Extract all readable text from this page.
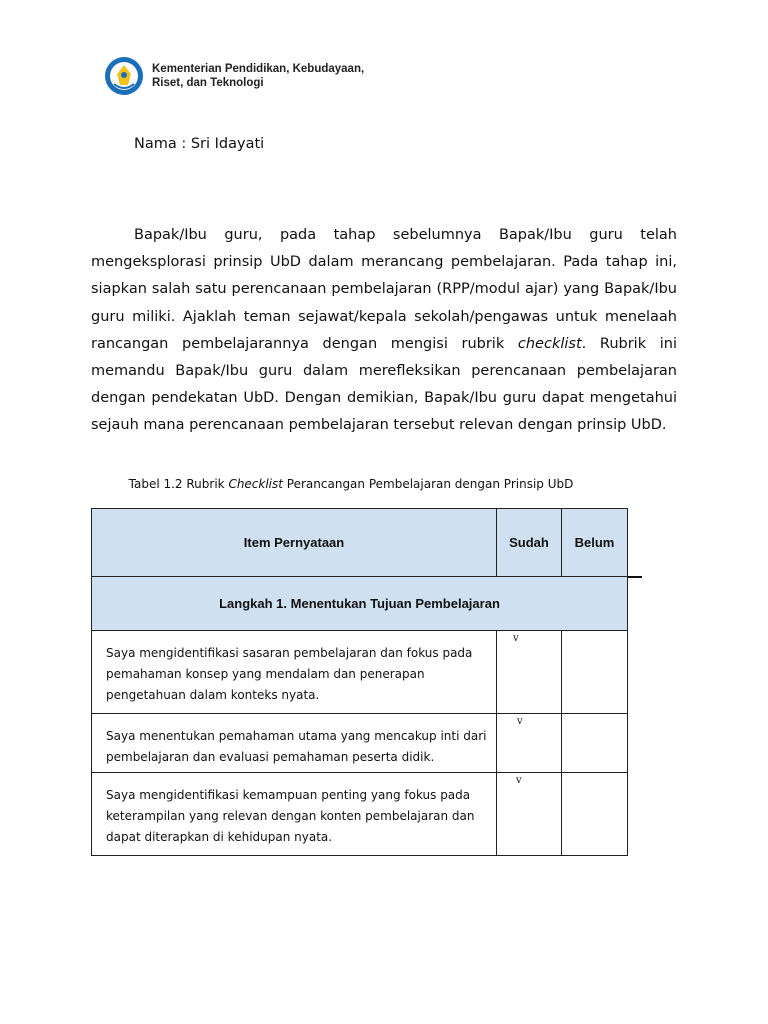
Kementerian Pendidikan, Kebudayaan,
Riset, dan Teknologi
Nama : Sri Idayati

Bapak/Ibu guru, pada tahap sebelumnya Bapak/Ibu guru telah mengeksplorasi prinsip UbD dalam merancang pembelajaran. Pada tahap ini, siapkan salah satu perencanaan pembelajaran (RPP/modul ajar) yang Bapak/Ibu guru miliki. Ajaklah teman sejawat/kepala sekolah/pengawas untuk menelaah rancangan pembelajarannya dengan mengisi rubrik checklist. Rubrik ini memandu Bapak/Ibu guru dalam merefleksikan perencanaan pembelajaran dengan pendekatan UbD. Dengan demikian, Bapak/Ibu guru dapat mengetahui sejauh mana perencanaan pembelajaran tersebut relevan dengan prinsip UbD.

Tabel 1.2 Rubrik Checklist Perancangan Pembelajaran dengan Prinsip UbD
Item Pernyataan	Sudah	Belum
Langkah 1. Menentukan Tujuan Pembelajaran		
Saya mengidentifikasi sasaran pembelajaran dan fokus pada pemahaman konsep yang mendalam dan penerapan pengetahuan dalam konteks nyata.	v	

Saya menentukan pemahaman utama yang mencakup inti dari pembelajaran dan evaluasi pemahaman peserta didik.	v	

Saya mengidentifikasi kemampuan penting yang fokus pada keterampilan yang relevan dengan konten pembelajaran dan dapat diterapkan di kehidupan nyata.	v	
